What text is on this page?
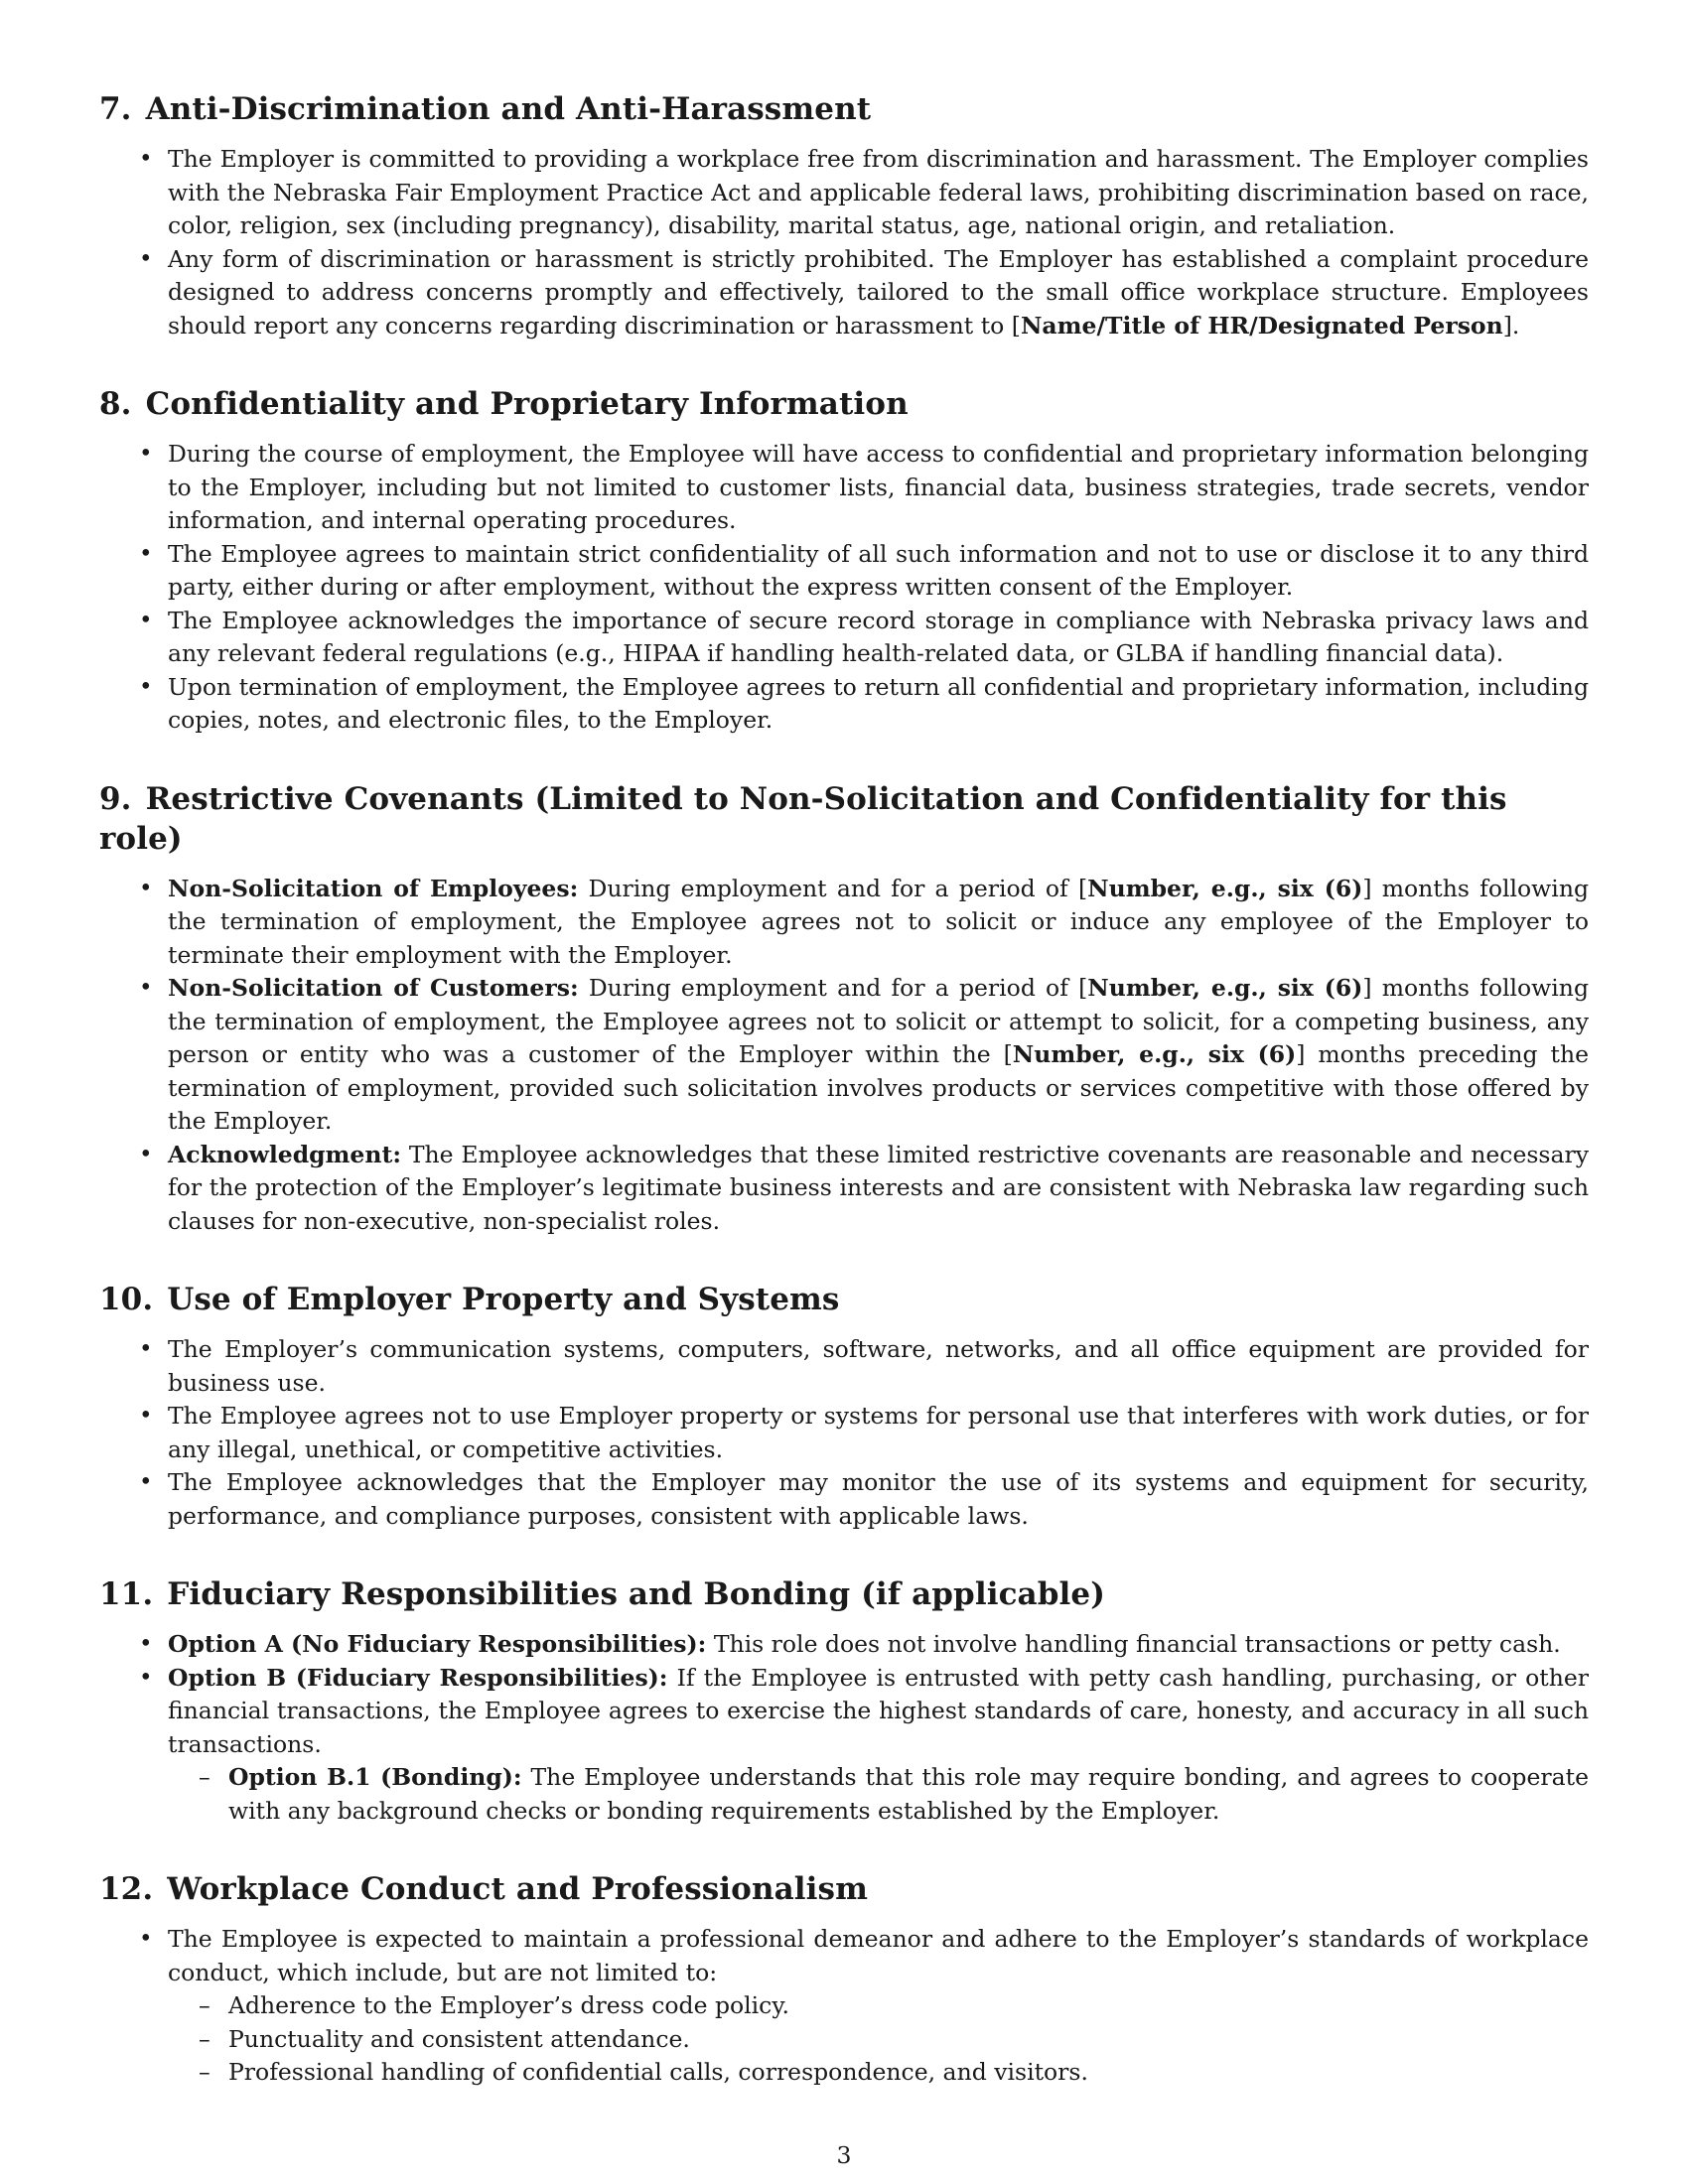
7. Anti-Discrimination and Anti-Harassment
• The Employer is committed to providing a workplace free from discrimination and harassment. The Employer complies with the Nebraska Fair Employment Practice Act and applicable federal laws, prohibiting discrimination based on race, color, religion, sex (including pregnancy), disability, marital status, age, national origin, and retaliation.
• Any form of discrimination or harassment is strictly prohibited. The Employer has established a complaint procedure designed to address concerns promptly and effectively, tailored to the small office workplace structure. Employees should report any concerns regarding discrimination or harassment to [Name/Title of HR/Designated Person].
8. Confidentiality and Proprietary Information
• During the course of employment, the Employee will have access to confidential and proprietary information belonging to the Employer, including but not limited to customer lists, financial data, business strategies, trade secrets, vendor information, and internal operating procedures.
• The Employee agrees to maintain strict confidentiality of all such information and not to use or disclose it to any third party, either during or after employment, without the express written consent of the Employer.
• The Employee acknowledges the importance of secure record storage in compliance with Nebraska privacy laws and any relevant federal regulations (e.g., HIPAA if handling health-related data, or GLBA if handling financial data).
• Upon termination of employment, the Employee agrees to return all confidential and proprietary information, including copies, notes, and electronic files, to the Employer.
9. Restrictive Covenants (Limited to Non-Solicitation and Confidentiality for this role)
• Non-Solicitation of Employees: During employment and for a period of [Number, e.g., six (6)] months following the termination of employment, the Employee agrees not to solicit or induce any employee of the Employer to terminate their employment with the Employer.
• Non-Solicitation of Customers: During employment and for a period of [Number, e.g., six (6)] months following the termination of employment, the Employee agrees not to solicit or attempt to solicit, for a competing business, any person or entity who was a customer of the Employer within the [Number, e.g., six (6)] months preceding the termination of employment, provided such solicitation involves products or services competitive with those offered by the Employer.
• Acknowledgment: The Employee acknowledges that these limited restrictive covenants are reasonable and necessary for the protection of the Employer’s legitimate business interests and are consistent with Nebraska law regarding such clauses for non-executive, non-specialist roles.
10. Use of Employer Property and Systems
• The Employer’s communication systems, computers, software, networks, and all office equipment are provided for business use.
• The Employee agrees not to use Employer property or systems for personal use that interferes with work duties, or for any illegal, unethical, or competitive activities.
• The Employee acknowledges that the Employer may monitor the use of its systems and equipment for security, performance, and compliance purposes, consistent with applicable laws.
11. Fiduciary Responsibilities and Bonding (if applicable)
• Option A (No Fiduciary Responsibilities): This role does not involve handling financial transactions or petty cash.
• Option B (Fiduciary Responsibilities): If the Employee is entrusted with petty cash handling, purchasing, or other financial transactions, the Employee agrees to exercise the highest standards of care, honesty, and accuracy in all such transactions.
– Option B.1 (Bonding): The Employee understands that this role may require bonding, and agrees to cooperate with any background checks or bonding requirements established by the Employer.
12. Workplace Conduct and Professionalism
• The Employee is expected to maintain a professional demeanor and adhere to the Employer’s standards of workplace conduct, which include, but are not limited to:
– Adherence to the Employer’s dress code policy.
– Punctuality and consistent attendance.
– Professional handling of confidential calls, correspondence, and visitors.
3
